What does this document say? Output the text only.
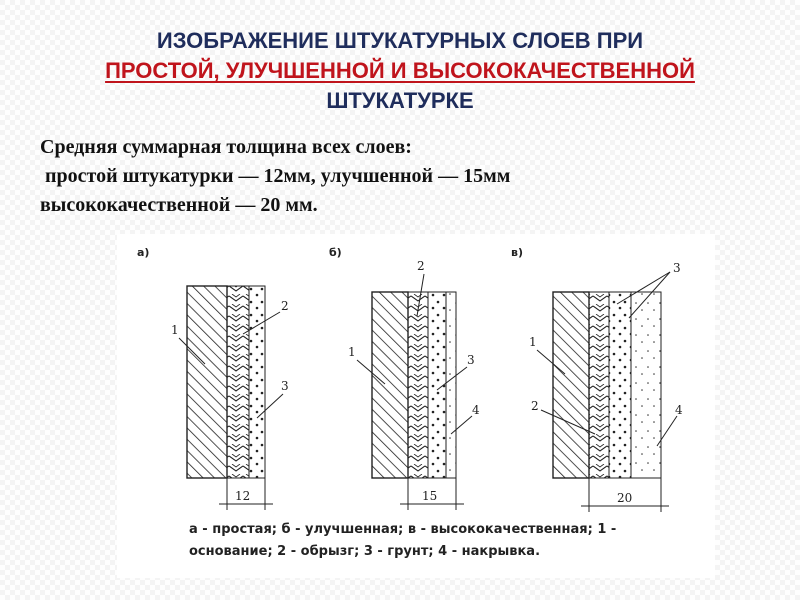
ИЗОБРАЖЕНИЕ ШТУКАТУРНЫХ СЛОЕВ ПРИ
ПРОСТОЙ, УЛУЧШЕННОЙ И ВЫСОКОКАЧЕСТВЕННОЙ
ШТУКАТУРКЕ
Средняя суммарная толщина всех слоев:
простой штукатурки — 12мм, улучшенной — 15мм
высококачественной — 20 мм.
а)
12
1
2
3
б)
15
1
2
3
4
в)
20
1
2
3
4
а - простая; б - улучшенная; в - высококачественная; 1 -
основание; 2 - обрызг; 3 - грунт; 4 - накрывка.
